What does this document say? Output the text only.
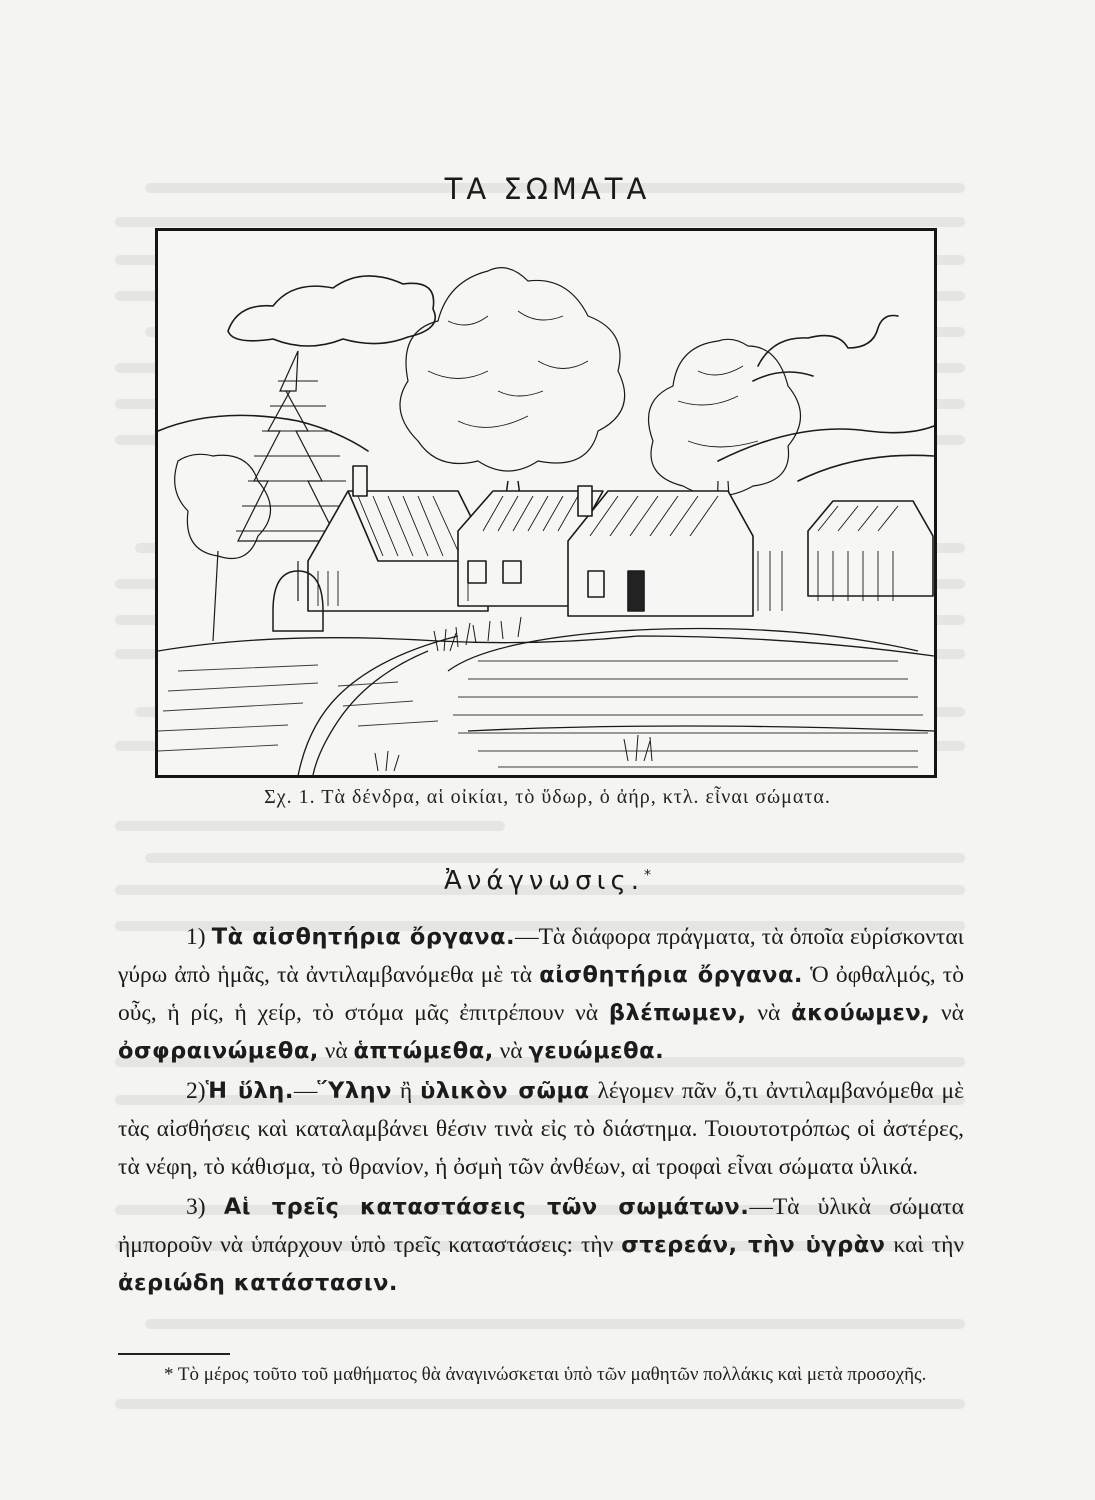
ΤΑ ΣΩΜΑΤΑ
Σχ. 1. Τὰ δένδρα, αἱ οἰκίαι, τὸ ὕδωρ, ὁ ἀήρ, κτλ. εἶναι σώματα.
Ἀνάγνωσις.*

1) Τὰ αἰσθητήρια ὄργανα.—Τὰ διάφορα πράγματα, τὰ ὁποῖα εὑρίσκονται γύρω ἀπὸ ἡμᾶς, τὰ ἀντιλαμβανόμεθα μὲ τὰ αἰσθητήρια ὄργανα. Ὁ ὀφθαλμός, τὸ οὖς, ἡ ρίς, ἡ χείρ, τὸ στόμα μᾶς ἐπιτρέπουν νὰ βλέπωμεν, νὰ ἀκούωμεν, νὰ ὀσφραινώμεθα, νὰ ἁπτώμεθα, νὰ γευώμεθα.

2)Ἡ ὕλη.—Ὕλην ἢ ὑλικὸν σῶμα λέγομεν πᾶν ὅ,τι ἀντιλαμβανόμεθα μὲ τὰς αἰσθήσεις καὶ καταλαμβάνει θέσιν τινὰ εἰς τὸ διάστημα. Τοιουτοτρόπως οἱ ἀστέρες, τὰ νέφη, τὸ κάθισμα, τὸ θρανίον, ἡ ὀσμὴ τῶν ἀνθέων, αἱ τροφαὶ εἶναι σώματα ὑλικά.

3) Αἱ τρεῖς καταστάσεις τῶν σωμάτων.—Τὰ ὑλικὰ σώματα ἠμποροῦν νὰ ὑπάρχουν ὑπὸ τρεῖς καταστάσεις: τὴν στερεάν, τὴν ὑγρὰν καὶ τὴν ἀεριώδη κατάστασιν.

* Τὸ μέρος τοῦτο τοῦ μαθήματος θὰ ἀναγινώσκεται ὑπὸ τῶν μαθητῶν πολλάκις καὶ μετὰ προσοχῆς.
